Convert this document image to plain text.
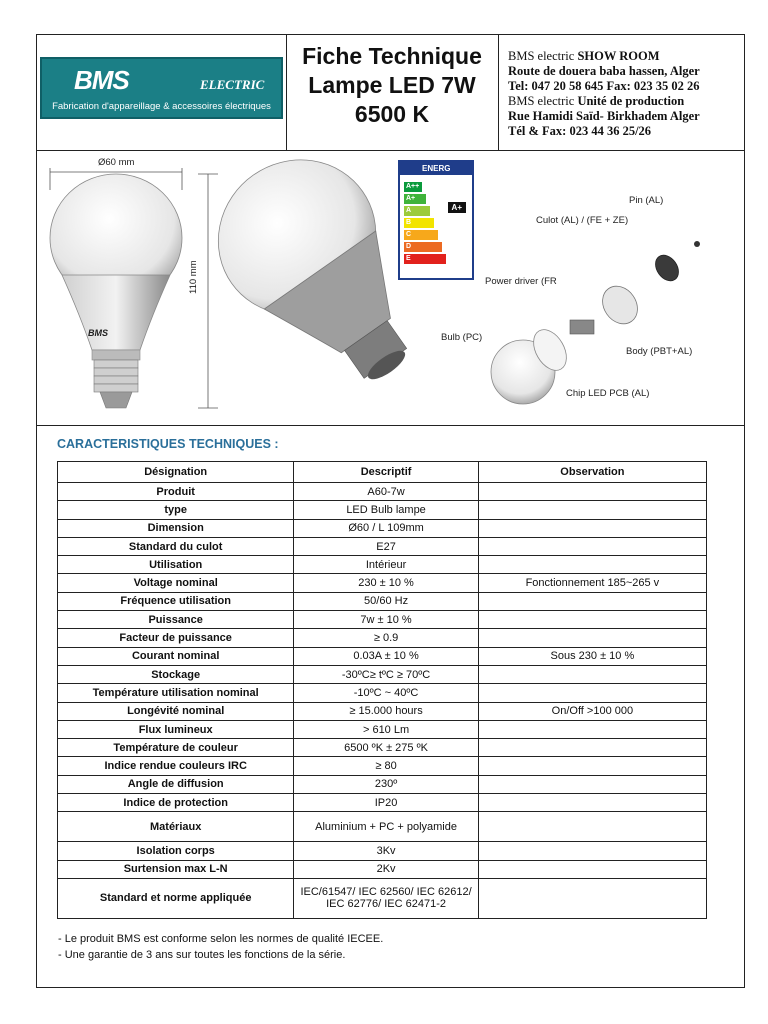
BMS	ELECTRIC
Fabrication d'appareillage & accessoires électriques
Fiche Technique
Lampe LED 7W
6500 K
BMS electric SHOW ROOM
Route de douera baba hassen, Alger
Tel: 047 20 58 645 Fax: 023 35 02 26
BMS electric Unité de production
Rue Hamidi Saïd- Birkhadem Alger
Tél & Fax: 023 44 36 25/26
Ø60 mm
110 mm
BMS
ENERG
A++
A+
A
B
C
D
E
A+
Pin (AL)
Culot (AL) / (FE + ZE)
Power driver (FR
Bulb (PC)
Body (PBT+AL)
Chip LED PCB (AL)
CARACTERISTIQUES TECHNIQUES :
Désignation	Descriptif	Observation
Produit	A60-7w	
type	LED Bulb lampe	
Dimension	Ø60 / L 109mm	
Standard du culot	E27	
Utilisation	Intérieur	
Voltage nominal	230 ± 10 %	Fonctionnement 185~265 v
Fréquence utilisation	50/60 Hz	
Puissance	7w ± 10 %	
Facteur de puissance	≥ 0.9	
Courant nominal	0.03A ± 10 %	Sous 230 ± 10 %
Stockage	-30ºC≥ tºC ≥ 70ºC	
Température utilisation nominal	-10ºC ~ 40ºC	
Longévité nominal	≥ 15.000 hours	On/Off >100 000
Flux lumineux	> 610 Lm	
Température de couleur	6500 ºK ± 275 ºK	
Indice rendue couleurs IRC	≥ 80	
Angle de diffusion	230º	
Indice de protection	IP20	
Matériaux	Aluminium + PC + polyamide	
Isolation corps	3Kv	
Surtension max L-N	2Kv	
Standard et norme appliquée	IEC/61547/ IEC 62560/ IEC 62612/ IEC 62776/ IEC 62471-2	
- Le produit BMS est conforme selon les normes de qualité IECEE.
- Une garantie de 3 ans sur toutes les fonctions de la série.
